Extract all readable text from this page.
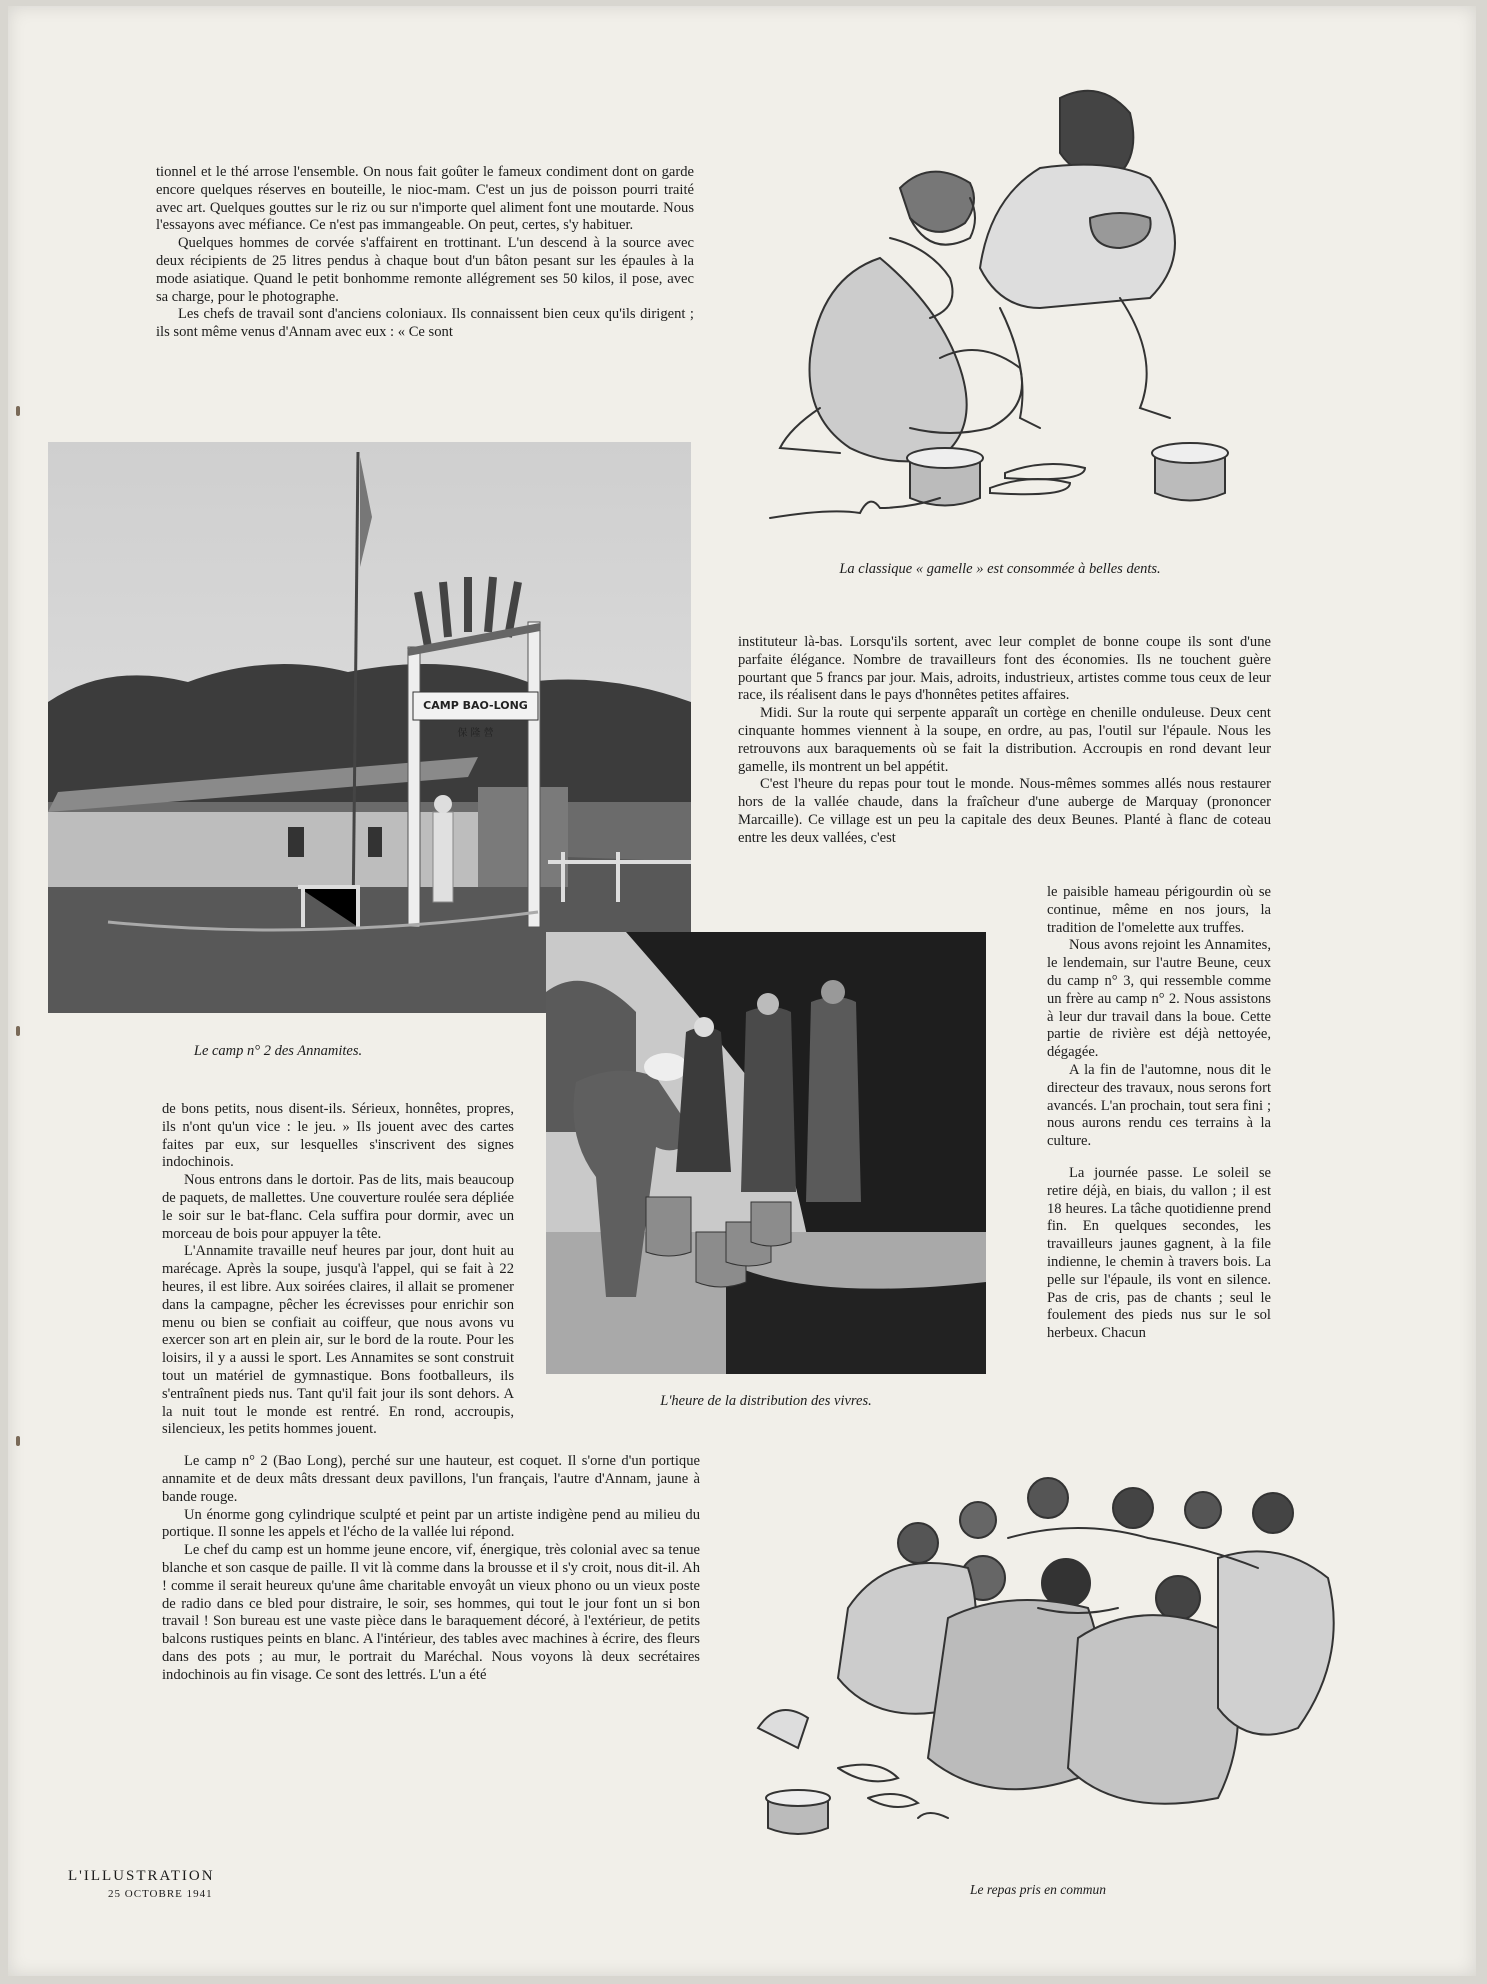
tionnel et le thé arrose l'ensemble. On nous fait goûter le fameux condiment dont on garde encore quelques réserves en bouteille, le nioc-mam. C'est un jus de poisson pourri traité avec art. Quelques gouttes sur le riz ou sur n'importe quel aliment font une moutarde. Nous l'essayons avec méfiance. Ce n'est pas immangeable. On peut, certes, s'y habituer.

Quelques hommes de corvée s'affairent en trottinant. L'un descend à la source avec deux récipients de 25 litres pendus à chaque bout d'un bâton pesant sur les épaules à la mode asiatique. Quand le petit bonhomme remonte allégrement ses 50 kilos, il pose, avec sa charge, pour le photographe.

Les chefs de travail sont d'anciens coloniaux. Ils connaissent bien ceux qu'ils dirigent ; ils sont même venus d'Annam avec eux : « Ce sont

La classique « gamelle » est consommée à belles dents.
CAMP BAO-LONG
保 隆 營
Le camp n° 2 des Annamites.

instituteur là-bas. Lorsqu'ils sortent, avec leur complet de bonne coupe ils sont d'une parfaite élégance. Nombre de travailleurs font des économies. Ils ne touchent guère pourtant que 5 francs par jour. Mais, adroits, industrieux, artistes comme tous ceux de leur race, ils réalisent dans le pays d'honnêtes petites affaires.

Midi. Sur la route qui serpente apparaît un cortège en chenille onduleuse. Deux cent cinquante hommes viennent à la soupe, en ordre, au pas, l'outil sur l'épaule. Nous les retrouvons aux baraquements où se fait la distribution. Accroupis en rond devant leur gamelle, ils montrent un bel appétit.

C'est l'heure du repas pour tout le monde. Nous-mêmes sommes allés nous restaurer hors de la vallée chaude, dans la fraîcheur d'une auberge de Marquay (prononcer Marcaille). Ce village est un peu la capitale des deux Beunes. Planté à flanc de coteau entre les deux vallées, c'est

L'heure de la distribution des vivres.

le paisible hameau périgourdin où se continue, même en nos jours, la tradition de l'omelette aux truffes.

Nous avons rejoint les Annamites, le lendemain, sur l'autre Beune, ceux du camp n° 3, qui ressemble comme un frère au camp n° 2. Nous assistons à leur dur travail dans la boue. Cette partie de rivière est déjà nettoyée, dégagée.

A la fin de l'automne, nous dit le directeur des travaux, nous serons fort avancés. L'an prochain, tout sera fini ; nous aurons rendu ces terrains à la culture.

La journée passe. Le soleil se retire déjà, en biais, du vallon ; il est 18 heures. La tâche quotidienne prend fin. En quelques secondes, les travailleurs jaunes gagnent, à la file indienne, le chemin à travers bois. La pelle sur l'épaule, ils vont en silence. Pas de cris, pas de chants ; seul le foulement des pieds nus sur le sol herbeux. Chacun

de bons petits, nous disent-ils. Sérieux, honnêtes, propres, ils n'ont qu'un vice : le jeu. » Ils jouent avec des cartes faites par eux, sur lesquelles s'inscrivent des signes indochinois.

Nous entrons dans le dortoir. Pas de lits, mais beaucoup de paquets, de mallettes. Une couverture roulée sera dépliée le soir sur le bat-flanc. Cela suffira pour dormir, avec un morceau de bois pour appuyer la tête.

L'Annamite travaille neuf heures par jour, dont huit au marécage. Après la soupe, jusqu'à l'appel, qui se fait à 22 heures, il est libre. Aux soirées claires, il allait se promener dans la campagne, pêcher les écrevisses pour enrichir son menu ou bien se confiait au coiffeur, que nous avons vu exercer son art en plein air, sur le bord de la route. Pour les loisirs, il y a aussi le sport. Les Annamites se sont construit tout un matériel de gymnastique. Bons footballeurs, ils s'entraînent pieds nus. Tant qu'il fait jour ils sont dehors. A la nuit tout le monde est rentré. En rond, accroupis, silencieux, les petits hommes jouent.

Le camp n° 2 (Bao Long), perché sur une hauteur, est coquet. Il s'orne d'un portique annamite et de deux mâts dressant deux pavillons, l'un français, l'autre d'Annam, jaune à bande rouge.

Un énorme gong cylindrique sculpté et peint par un artiste indigène pend au milieu du portique. Il sonne les appels et l'écho de la vallée lui répond.

Le chef du camp est un homme jeune encore, vif, énergique, très colonial avec sa tenue blanche et son casque de paille. Il vit là comme dans la brousse et il s'y croit, nous dit-il. Ah ! comme il serait heureux qu'une âme charitable envoyât un vieux phono ou un vieux poste de radio dans ce bled pour distraire, le soir, ses hommes, qui tout le jour font un si bon travail ! Son bureau est une vaste pièce dans le baraquement décoré, à l'extérieur, de petits balcons rustiques peints en blanc. A l'intérieur, des tables avec machines à écrire, des fleurs dans des pots ; au mur, le portrait du Maréchal. Nous voyons là deux secrétaires indochinois au fin visage. Ce sont des lettrés. L'un a été

Le repas pris en commun
L'ILLUSTRATION
25 OCTOBRE 1941
